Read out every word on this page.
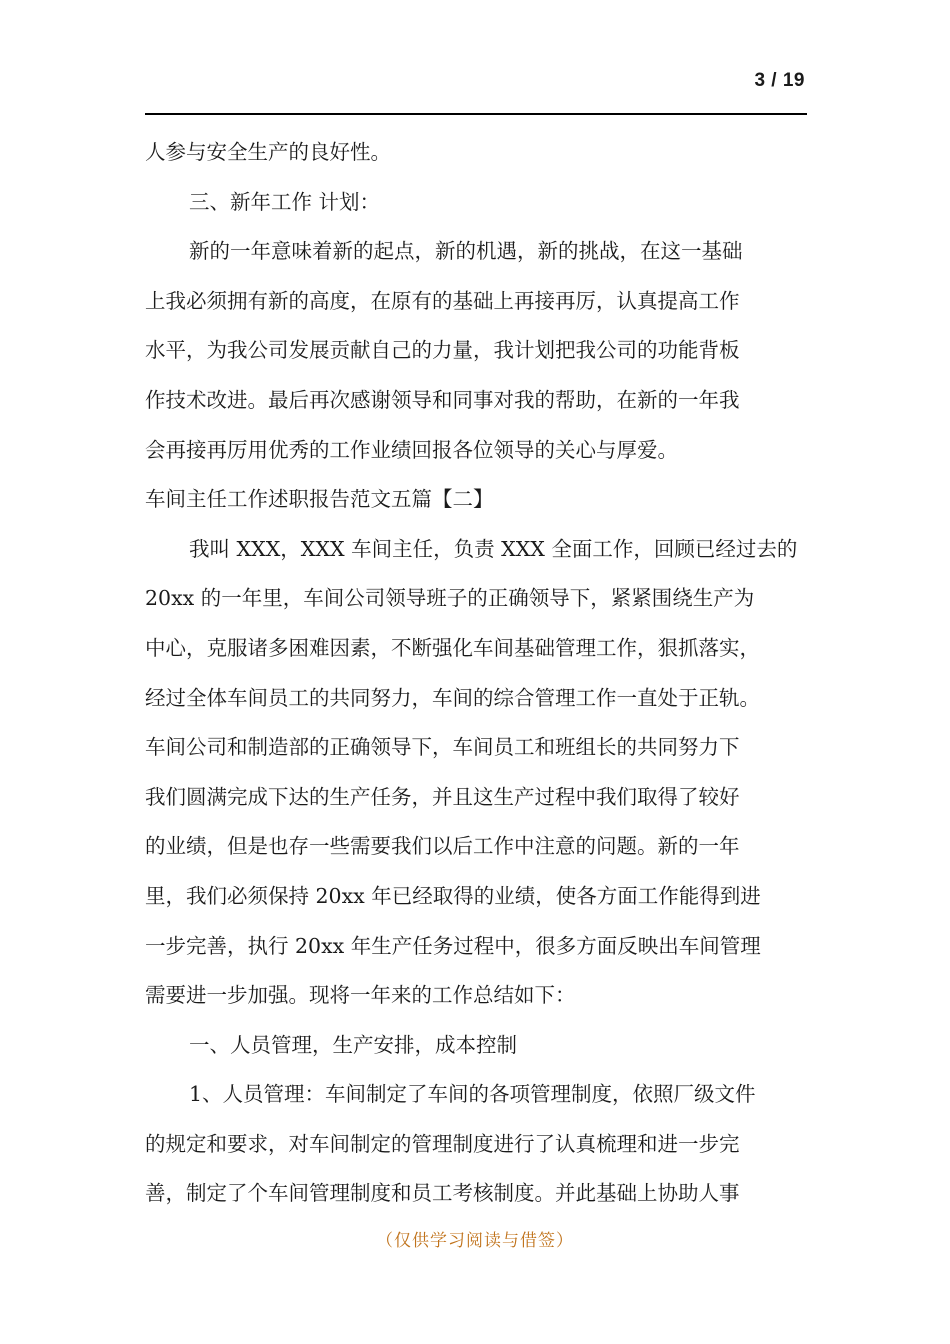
3 / 19
人参与安全生产的良好性。
三、新年工作 计划：
新的一年意味着新的起点，新的机遇，新的挑战，在这一基础
上我必须拥有新的高度，在原有的基础上再接再厉，认真提高工作
水平，为我公司发展贡献自己的力量，我计划把我公司的功能背板
作技术改进。最后再次感谢领导和同事对我的帮助，在新的一年我
会再接再厉用优秀的工作业绩回报各位领导的关心与厚爱。
车间主任工作述职报告范文五篇【二】
我叫 XXX，XXX 车间主任，负责 XXX 全面工作，回顾已经过去的
20xx 的一年里，车间公司领导班子的正确领导下，紧紧围绕生产为
中心，克服诸多困难因素，不断强化车间基础管理工作，狠抓落实，
经过全体车间员工的共同努力，车间的综合管理工作一直处于正轨。
车间公司和制造部的正确领导下，车间员工和班组长的共同努力下
我们圆满完成下达的生产任务，并且这生产过程中我们取得了较好
的业绩，但是也存一些需要我们以后工作中注意的问题。新的一年
里，我们必须保持 20xx 年已经取得的业绩，使各方面工作能得到进
一步完善，执行 20xx 年生产任务过程中，很多方面反映出车间管理
需要进一步加强。现将一年来的工作总结如下：
一、人员管理，生产安排，成本控制
1、人员管理：车间制定了车间的各项管理制度，依照厂级文件
的规定和要求，对车间制定的管理制度进行了认真梳理和进一步完
善，制定了个车间管理制度和员工考核制度。并此基础上协助人事
（仅供学习阅读与借签）
